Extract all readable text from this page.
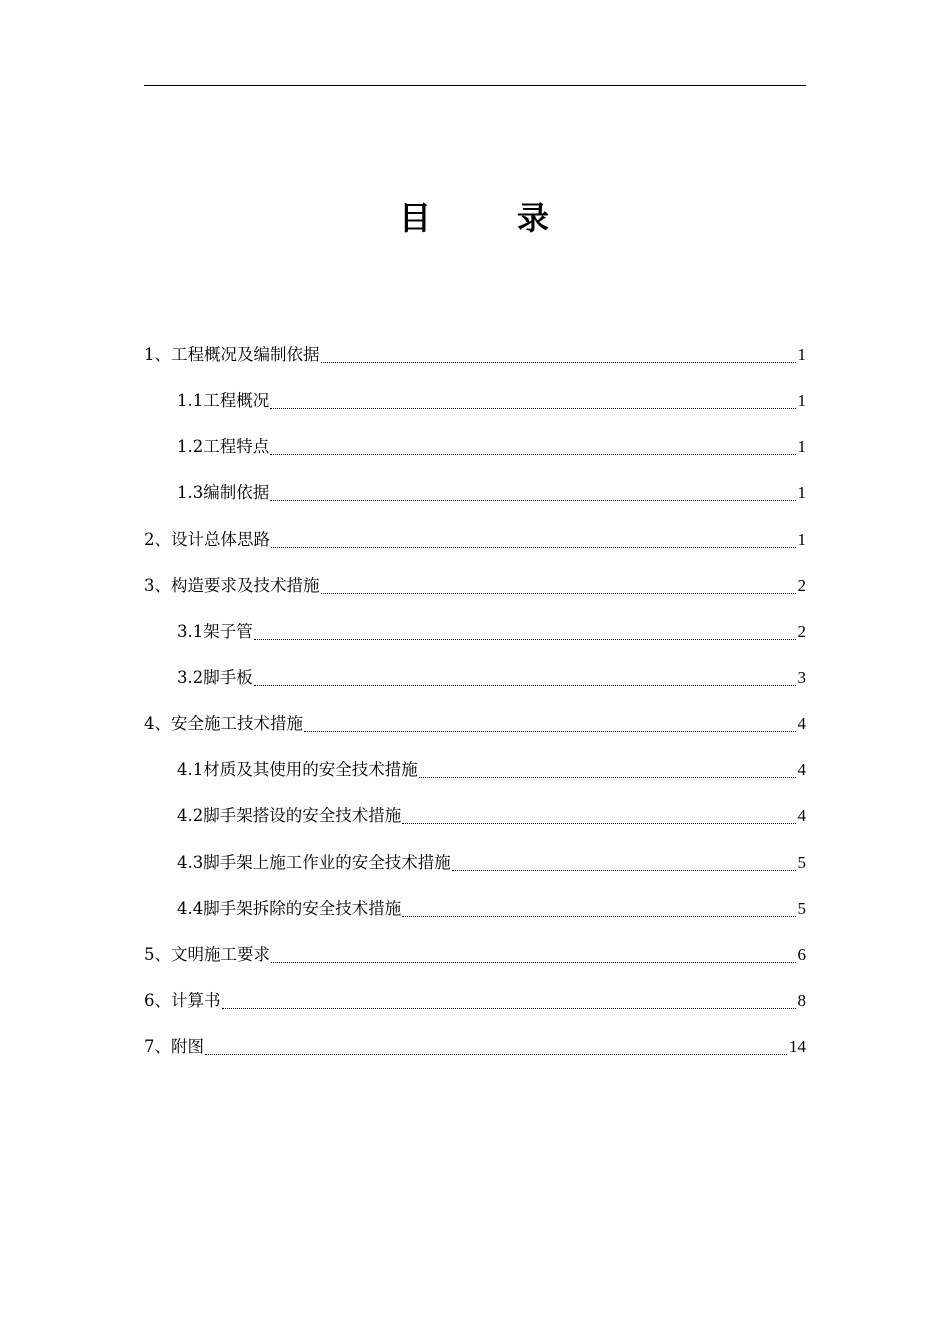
目	录
1、工程概况及编制依据	1
1.1工程概况	1
1.2工程特点	1
1.3编制依据	1
2、设计总体思路	1
3、构造要求及技术措施	2
3.1架子管	2
3.2脚手板	3
4、安全施工技术措施	4
4.1材质及其使用的安全技术措施	4
4.2脚手架搭设的安全技术措施	4
4.3脚手架上施工作业的安全技术措施	5
4.4脚手架拆除的安全技术措施	5
5、文明施工要求	6
6、计算书	8
7、附图	14
